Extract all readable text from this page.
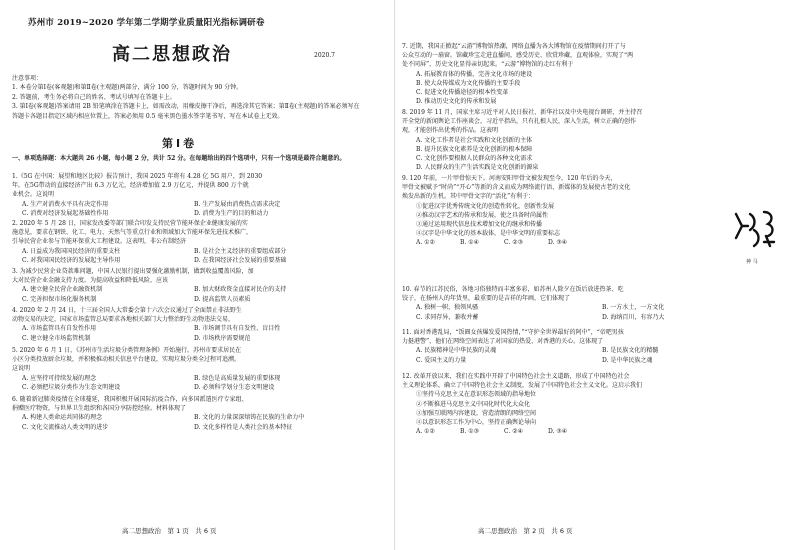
苏州市 2019~2020 学年第二学期学业质量阳光指标调研卷
高二思想政治	2020.7
注意事项：
1. 本卷分第Ⅰ卷(客观题)和第Ⅱ卷(主观题)两部分，满分 100 分，答题时间为 90 分钟。
2. 答题前，考生务必将自己的姓名、考试号填写在答题卡上。
3. 第Ⅰ卷(客观题)答案请用 2B 铅笔填涂在答题卡上，如需改动，用橡皮擦干净后，再选涂其它答案；第Ⅱ卷(主观题)的答案必须写在答题卡各题目指定区域内相应位置上，答案必须用 0.5 毫米黑色墨水签字笔书写，写在本试卷上无效。
第Ⅰ卷
一、单项选择题：本大题共 26 小题，每小题 2 分，共计 52 分。在每题给出的四个选项中，只有一个选项是最符合题意的。
1.《5G 在中国：展望和地区比较》报告预计，我国 2025 年将有 4.28 亿 5G 用户，到 2030
年，在5G带动的直接经济产出 6.3 万亿元，经济增加值 2.9 万亿元，并提供 800 万个就
业机会。这说明
A. 生产对消费水平具有决定作用	B. 生产发展由消费热点需求决定
C. 消费对经济发展起基础性作用	D. 消费为生产的目的和动力
2. 2020 年 5 月 28 日，国家发改委等部门联合印发支持民营节能环保企业健康发展的实
施意见，要求在钢铁、化工、电力、天然气等重点行业和领域加大节能环保先进技术推广，
引导民营企业参与节能环保重大工程建设。这表明，非公有制经济
A. 日益成为我国国民经济的重要支柱	B. 是社会主义经济的重要组成部分
C. 对我国国民经济的发展起主导作用	D. 在我国经济社会发展的重要基础
3. 为减少民营企业贷款难问题，中国人民银行提出要强化激励机制，做到收益覆盖风险，加
大对民营企业金融支持力度。为提高收益和降低风险，应该
A. 建立健全民营企业融资机制	B. 加大财政资金直接对民企的支持
C. 完善担保市场化服务机制	D. 提高监管人员素质
4. 2020 年 2 月 24 日，十三届全国人大常委会第十六次会议通过了全面禁止非法野生
动物交易的决定，国家市场监管总局要求各地相关部门大力整治野生动物违法交易，
A. 市场监管具有自发性作用	B. 市场调节具有自发性、盲目性
C. 建立健全市场监管机制	D. 市场秩序需要规范
5. 2020 年 6 月 1 日，《苏州市生活垃圾分类管理条例》开始施行。苏州市要求居民在
小区分类投放厨余垃圾，并积极推动相关信息平台建设，实现垃圾分类全过程可追溯。
这说明
A. 应坚持可持续发展的理念	B. 绿色是高质量发展的重要体现
C. 必须把垃圾分类作为生态文明建设	D. 必须科学划分生态文明建设
6. 随着新冠肺炎疫情在全球蔓延，我国积极开展国际抗疫合作，向多国派遣医疗专家组、
捐赠医疗物资，与世界卫生组织和各国分享防控经验。材料体现了
A. 构建人类命运共同体的理念	B. 文化的力量深深熔铸在民族的生命力中
C. 文化交流推动人类文明的进步	D. 文化多样性是人类社会的基本特征
高二思想政治　第 1 页　共 6 页
7. 近期，我国正掀起“云游”博物馆热潮，网络直播为各大博物馆在疫情期间打开了与
公众互动的一扇窗。馆藏珍宝走进直播间，感受历史、欣赏珍藏，直观体验，实现了“两
处不同屏”，历史文化显得亲切起来。“云游”博物馆的走红有利于
A. 拓展教育体的传播，完善文化市场的建设
B. 使大众传媒成为文化传播的主要手段
C. 促进文化传播途径的根本性变革
D. 推动历史文化的传承和发展
8. 2019 年 11 月，国家主席习近平对人民日报社、新华社以及中央电视台调研，并主持召
开全党的新闻舆论工作座谈会，习近平指出，只有扎根人民，深入生活，树立正确的创作
观，才能创作出优秀的作品。这表明
A. 文化工作者是社会实践和文化创新的主体
B. 提升民族文化素养是文化创新的根本保障
C. 文化创作要根据人民群众的各种文化需求
D. 人民群众的生产生活实践是文化创新的源泉
9. 120 年前，一片甲骨惊天下。河南安阳甲骨文被发现至今，120 年后的今天，
甲骨文被赋予“时尚”“开心”等新的含义而成为网络流行语，新媒体的发展使古老的文化
焕发出新的生机。其中甲骨文字的“活化”有利于：
①促进汉字优秀传统文化的创造性转化，创新性发展
②推动汉字艺术的传承和发展，使之具备时尚属性
③通过运用现代信息技术增加文化的继承和传播
④汉字是中华文化的基本载体，是中华文明的重要标志
A. ①②	B. ①④	C. ②③	D. ③④
神 马
10. 春节的江苏民俗，各地习俗独特而丰富多彩，如苏州人除夕在饭后放进热茶、吃
饺子，在扬州人的年货里，最重要的是吉祥的年画，它们体现了
A. 独树一帜，独领风骚	B. 一方水土，一方文化
C. 求同存异，兼收并蓄	D. 海纳百川，有容乃大
11. 面对香港乱局，“饭圈女孩爆发爱国热情，”“守护全世界最好的阿中”，“帝吧男孩
力挺港警”，他们在网络空间表达了对国家的热爱、对香港的关心。这体现了
A. 民族精神是中华民族的灵魂	B. 是民族文化的精髓
C. 爱国主义的力量	D. 是中华民族之魂
12. 改革开放以来，我们在实践中开辟了中国特色社会主义道路，形成了中国特色社会
主义理论体系，确立了中国特色社会主义制度，发展了中国特色社会主义文化。这启示我们
①坚持马克思主义在意识形态领域的指导地位
②不断推进马克思主义中国化时代化大众化
③加强互联网内容建设，营造清朗的网络空间
④以意识形态工作为中心，坚持正确舆论导向
A. ①②	B. ①③	C. ②④	D. ③④
高二思想政治　第 2 页　共 6 页
